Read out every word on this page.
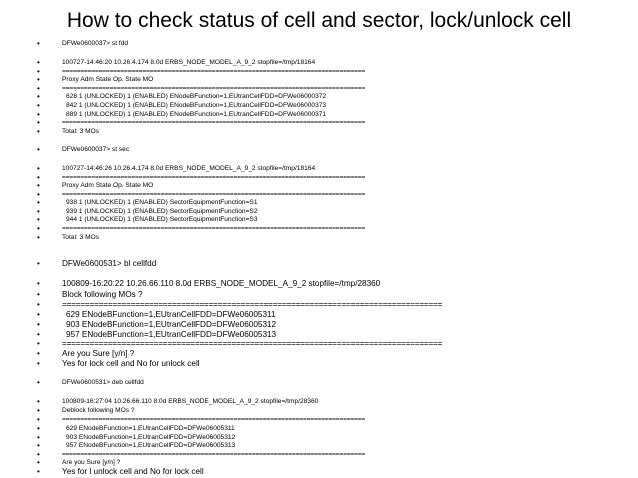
How to check status of cell and sector, lock/unlock cell
•	DFWe0600037> st fdd
•	100727-14:46:20 10.26.4.174 8.0d ERBS_NODE_MODEL_A_9_2 stopfile=/tmp/18164
•	===================================================================================
•	Proxy Adm State Op. State MO
•	===================================================================================
•	628 1 (UNLOCKED) 1 (ENABLED) ENodeBFunction=1,EUtranCellFDD=DFWe06000372
•	842 1 (UNLOCKED) 1 (ENABLED) ENodeBFunction=1,EUtranCellFDD=DFWe06000373
•	889 1 (UNLOCKED) 1 (ENABLED) ENodeBFunction=1,EUtranCellFDD=DFWe06000371
•	===================================================================================
•	Total: 3 MOs
•	DFWe0600037> st sec
•	100727-14:46:26 10.26.4.174 8.0d ERBS_NODE_MODEL_A_9_2 stopfile=/tmp/18164
•	===================================================================================
•	Proxy Adm State Op. State MO
•	===================================================================================
•	938 1 (UNLOCKED) 1 (ENABLED) SectorEquipmentFunction=S1
•	939 1 (UNLOCKED) 1 (ENABLED) SectorEquipmentFunction=S2
•	944 1 (UNLOCKED) 1 (ENABLED) SectorEquipmentFunction=S3
•	===================================================================================
•	Total: 3 MOs
•	DFWe0600531> bl cellfdd
•	100809-16:20:22 10.26.66.110 8.0d ERBS_NODE_MODEL_A_9_2 stopfile=/tmp/28360
•	Block following MOs ?
•	===================================================================================
•	629 ENodeBFunction=1,EUtranCellFDD=DFWe06005311
•	903 ENodeBFunction=1,EUtranCellFDD=DFWe06005312
•	957 ENodeBFunction=1,EUtranCellFDD=DFWe06005313
•	===================================================================================
•	Are you Sure [y/n] ?
•	Yes for lock cell and No for unlock cell
•	DFWe0600531> deb cellfdd
•	100809-16:27:04 10.26.66.110 8.0d ERBS_NODE_MODEL_A_9_2 stopfile=/tmp/28360
•	Deblock following MOs ?
•	===================================================================================
•	629 ENodeBFunction=1,EUtranCellFDD=DFWe06005311
•	903 ENodeBFunction=1,EUtranCellFDD=DFWe06005312
•	957 ENodeBFunction=1,EUtranCellFDD=DFWe06005313
•	===================================================================================
•	Are you Sure [y/n] ?
•	Yes for l unlock cell and No for lock cell
